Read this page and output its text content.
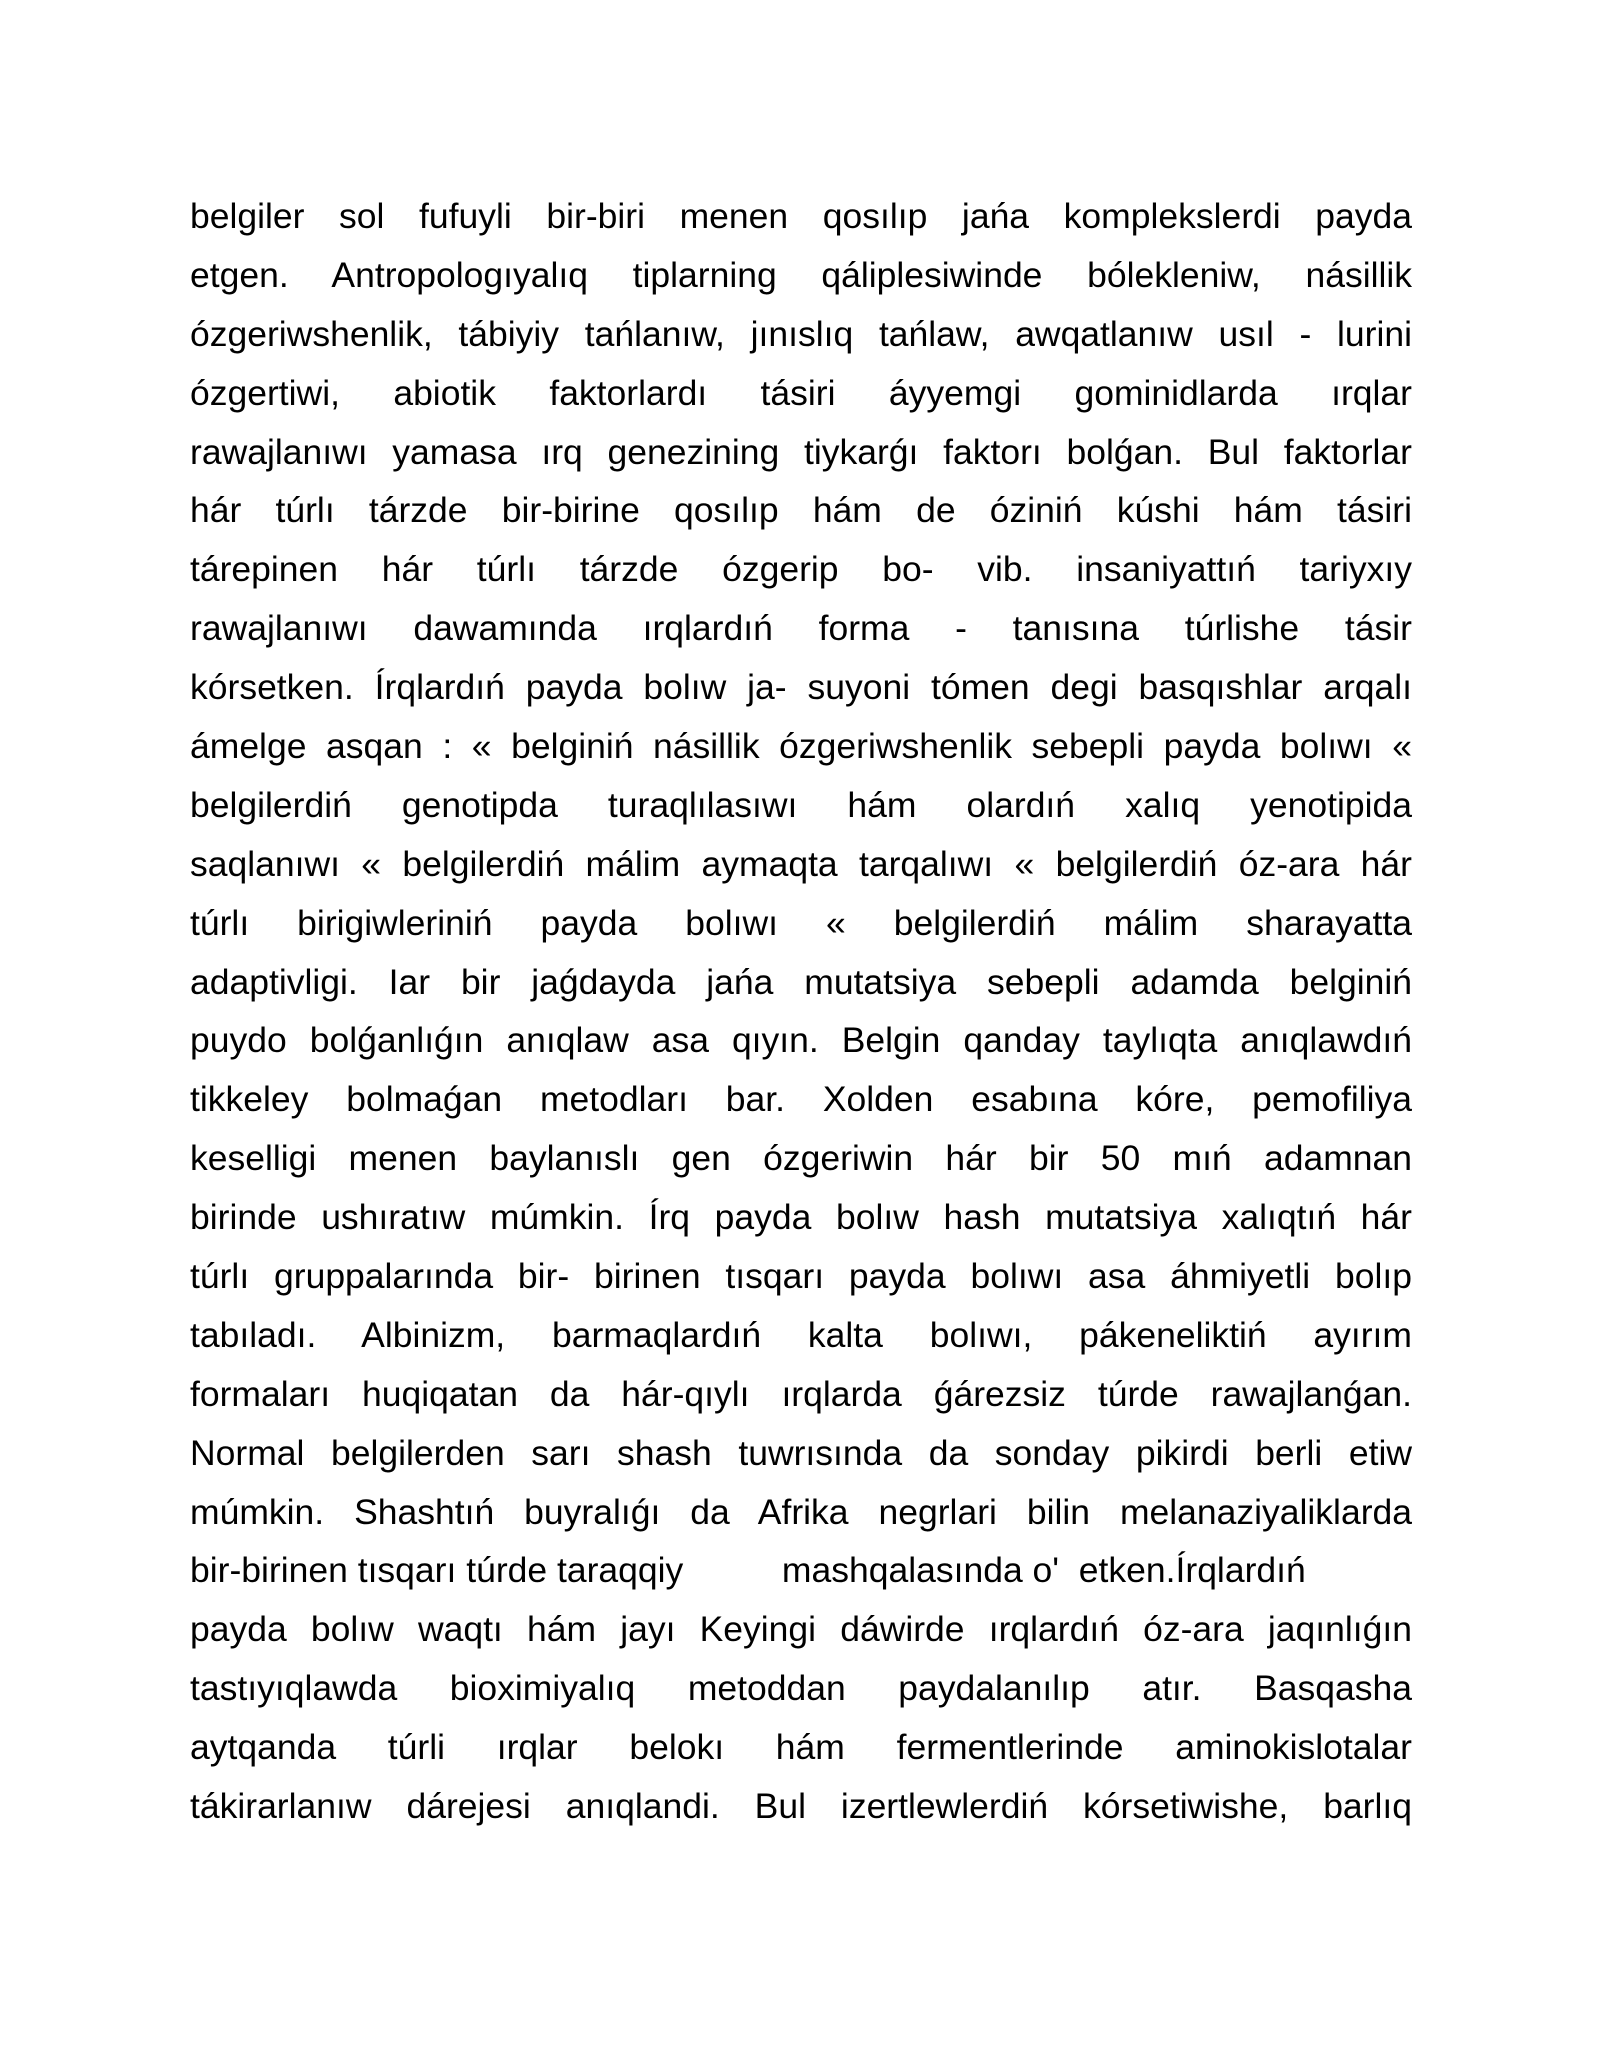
belgiler sol fufuyli bir-biri menen qosılıp jańa komplekslerdi payda
etgen. Antropologıyalıq tiplarning qáliplesiwinde bólekleniw, násillik
ózgeriwshenlik, tábiyiy tańlanıw, jınıslıq tańlaw, awqatlanıw usıl - lurini
ózgertiwi, abiotik faktorlardı tásiri áyyemgi gominidlarda ırqlar
rawajlanıwı yamasa ırq genezining tiykarǵı faktorı bolǵan. Bul faktorlar
hár túrlı tárzde bir-birine qosılıp hám de óziniń kúshi hám tásiri
tárepinen hár túrlı tárzde ózgerip bo- vib. insaniyattıń tariyxıy
rawajlanıwı dawamında ırqlardıń forma - tanısına túrlishe tásir
kórsetken. Írqlardıń payda bolıw ja- suyoni tómen degi basqıshlar arqalı
ámelge asqan : « belginiń násillik ózgeriwshenlik sebepli payda bolıwı «
belgilerdiń genotipda turaqlılasıwı hám olardıń xalıq yenotipida
saqlanıwı « belgilerdiń málim aymaqta tarqalıwı « belgilerdiń óz-ara hár
túrlı birigiwleriniń payda bolıwı « belgilerdiń málim sharayatta
adaptivligi. Iar bir jaǵdayda jańa mutatsiya sebepli adamda belginiń
puydo bolǵanlıǵın anıqlaw asa qıyın. Belgin qanday taylıqta anıqlawdıń
tikkeley bolmaǵan metodları bar. Xolden esabına kóre, pemofiliya
keselligi menen baylanıslı gen ózgeriwin hár bir 50 mıń adamnan
birinde ushıratıw múmkin. Írq payda bolıw hash mutatsiya xalıqtıń hár
túrlı gruppalarında bir- birinen tısqarı payda bolıwı asa áhmiyetli bolıp
tabıladı. Albinizm, barmaqlardıń kalta bolıwı, pákeneliktiń ayırım
formaları huqiqatan da hár-qıylı ırqlarda ǵárezsiz túrde rawajlanǵan.
Normal belgilerden sarı shash tuwrısında da sonday pikirdi berli etiw
múmkin. Shashtıń buyralıǵı da Afrika negrlari bilin melanaziyaliklarda
bir-birinen tısqarı túrde taraqqiy          mashqalasında o'  etken.Írqlardıń
payda bolıw waqtı hám jayı Keyingi dáwirde ırqlardıń óz-ara jaqınlıǵın
tastıyıqlawda bioximiyalıq metoddan paydalanılıp atır. Basqasha
aytqanda túrli ırqlar belokı hám fermentlerinde aminokislotalar
tákirarlanıw dárejesi anıqlandi. Bul izertlewlerdiń kórsetiwishe, barlıq
